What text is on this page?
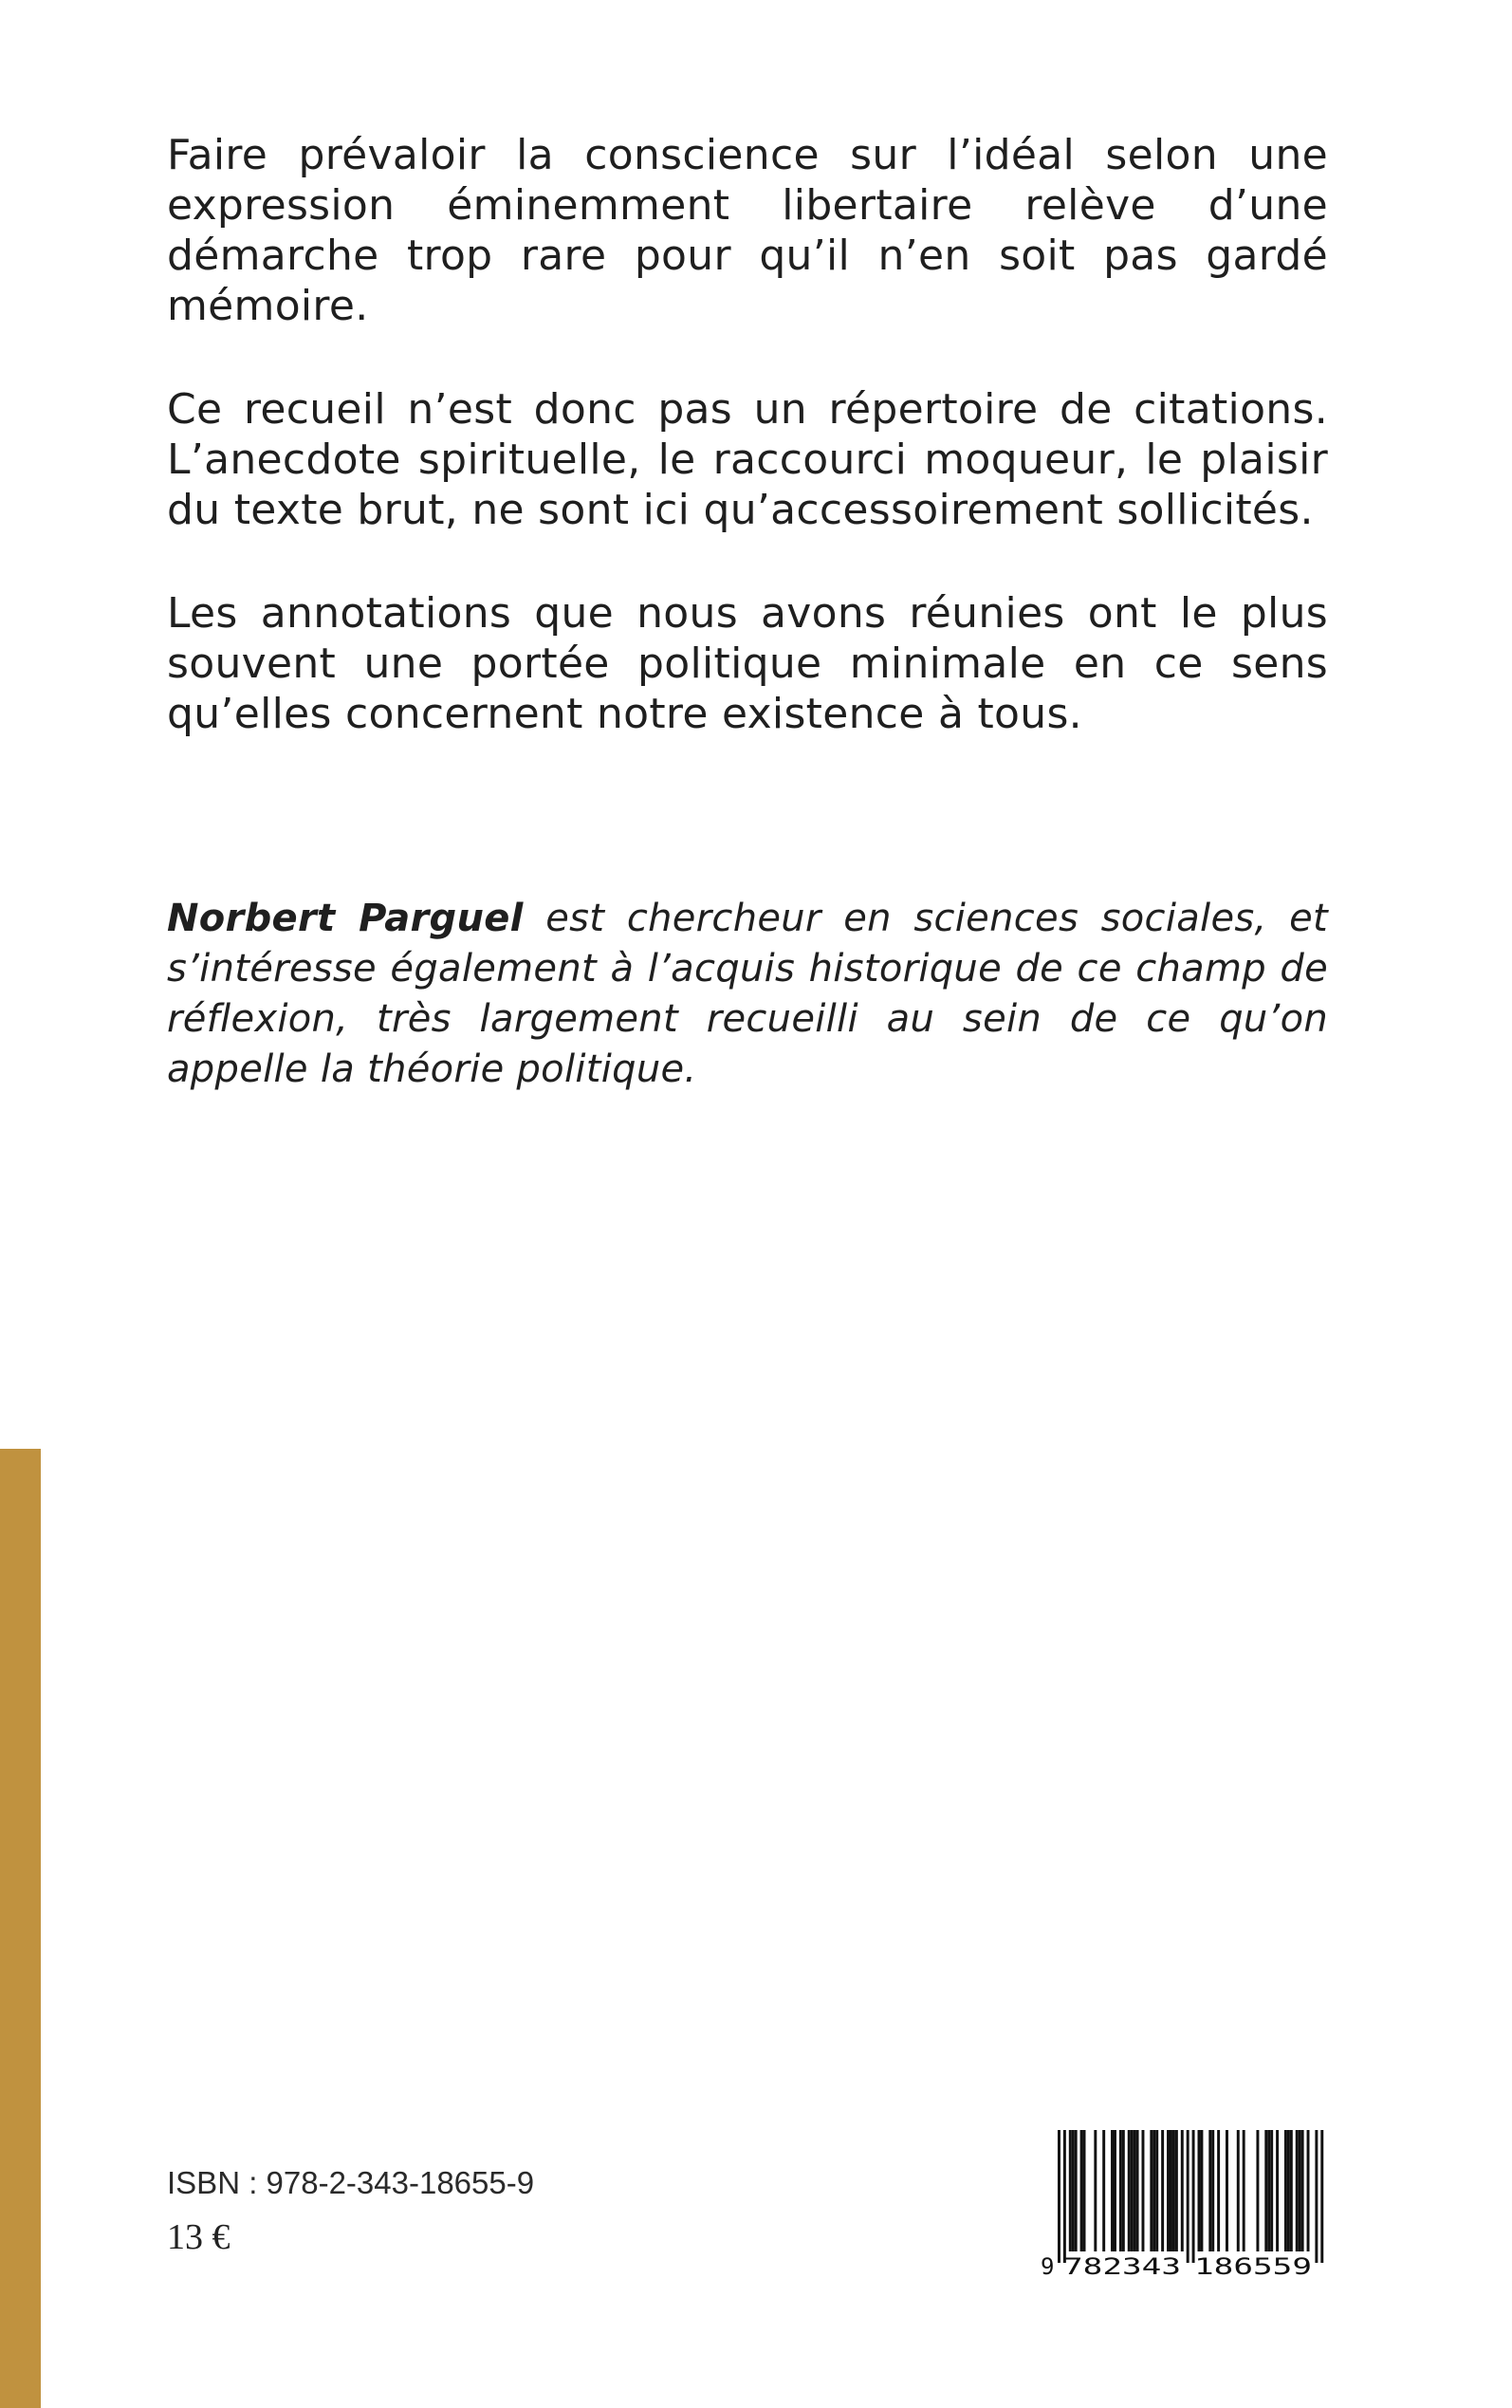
Faire prévaloir la conscience sur l’idéal selon une expression éminemment libertaire relève d’une démarche trop rare pour qu’il n’en soit pas gardé mémoire.

Ce recueil n’est donc pas un répertoire de citations. L’anecdote spirituelle, le raccourci moqueur, le plaisir du texte brut, ne sont ici qu’accessoirement sollicités.

Les annotations que nous avons réunies ont le plus souvent une portée politique minimale en ce sens qu’elles concernent notre existence à tous.

Norbert Parguel est chercheur en sciences sociales, et s’intéresse également à l’acquis historique de ce champ de réflexion, très largement recueilli au sein de ce qu’on appelle la théorie politique.

ISBN : 978-2-343-18655-9

13 €

9 782343 186559
